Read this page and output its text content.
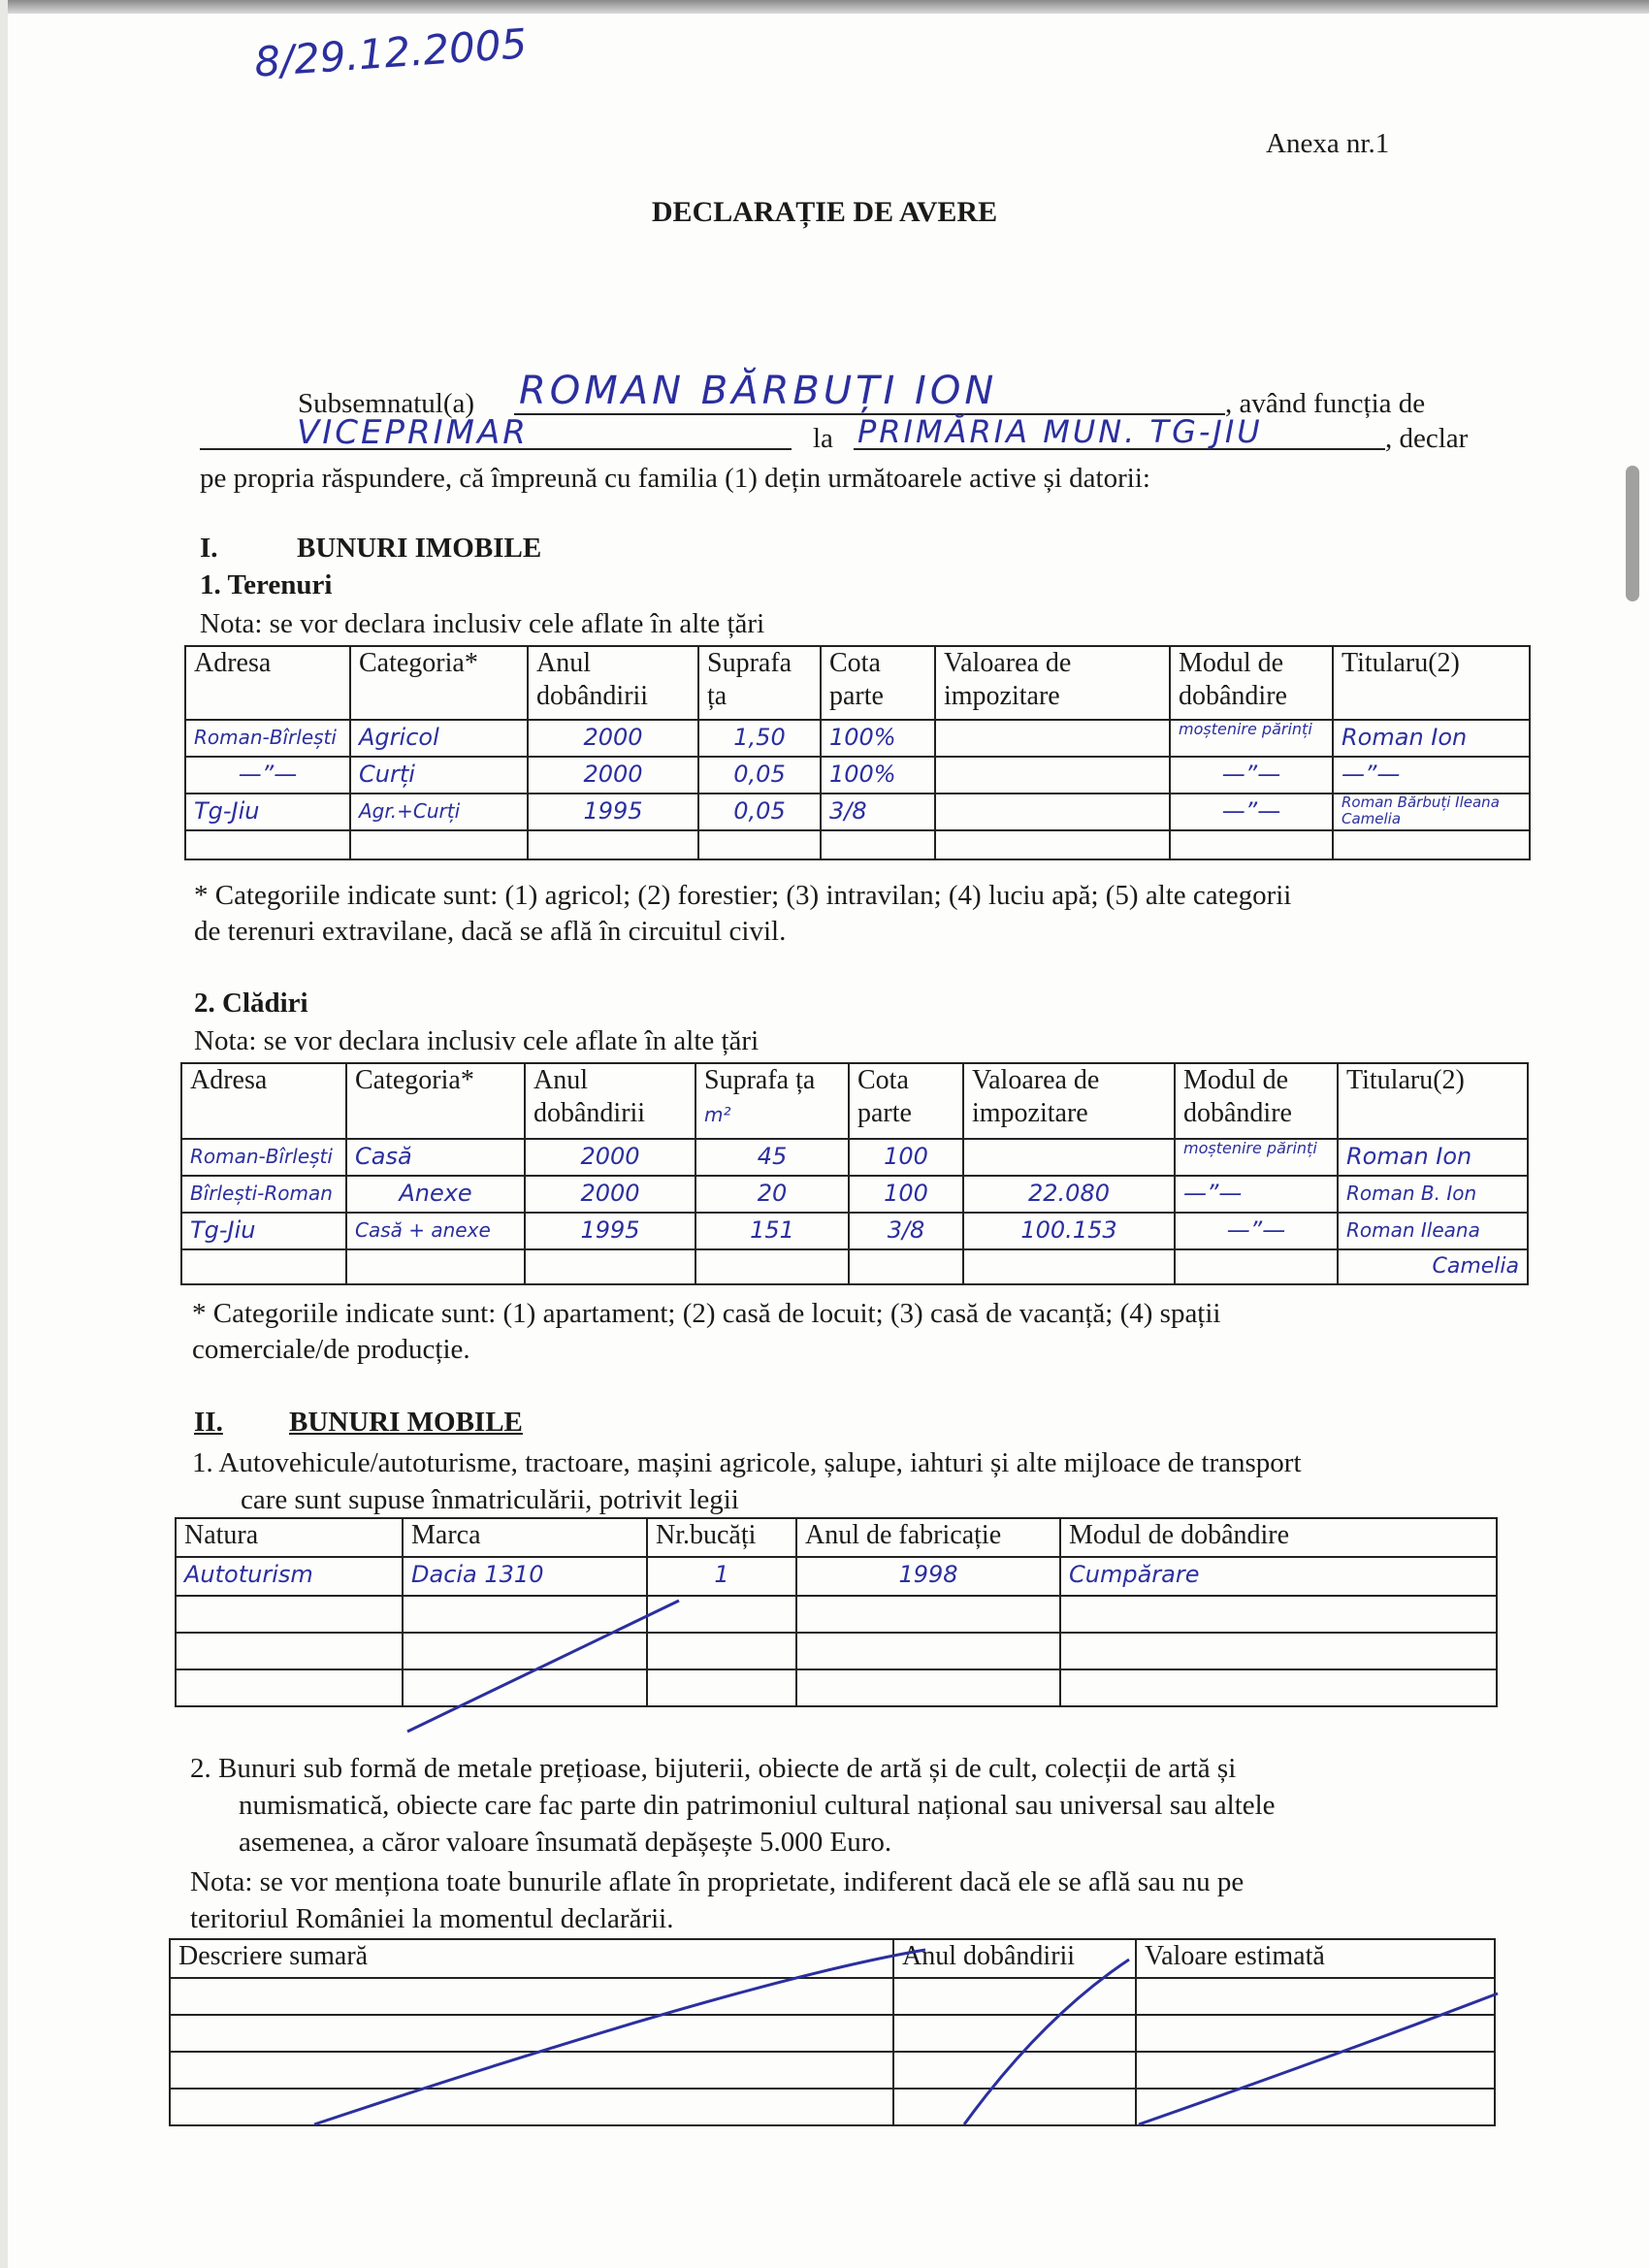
8/29.12.2005
Anexa nr.1
DECLARAȚIE DE AVERE
Subsemnatul(a) ROMAN BĂRBUȚI ION	, având funcția de
VICEPRIMAR	la PRIMĂRIA MUN. TG-JIU	, declar
pe propria răspundere, că împreună cu familia (1) dețin următoarele active și datorii:
I.	BUNURI IMOBILE
1. Terenuri
Nota: se vor declara inclusiv cele aflate în alte țări
Adresa	Categoria*	Anul dobândirii	Suprafa ța	Cota parte	Valoarea de impozitare	Modul de dobândire	Titularu(2)
Roman-Bîrlești	Agricol	2000	1,50	100%		moștenire părinți	Roman Ion
—”—	Curți	2000	0,05	100%		—”—	—”—
Tg-Jiu	Agr.+Curți	1995	0,05	3/8		—”—	Roman Bărbuți Ileana Camelia

* Categoriile indicate sunt: (1) agricol; (2) forestier; (3) intravilan; (4) luciu apă; (5) alte categorii
de terenuri extravilane, dacă se află în circuitul civil.
2. Clădiri
Nota: se vor declara inclusiv cele aflate în alte țări
Adresa	Categoria*	Anul dobândirii	Suprafa ța m²	Cota parte	Valoarea de impozitare	Modul de dobândire	Titularu(2)
Roman-Bîrlești	Casă	2000	45	100		moștenire părinți	Roman Ion
Bîrlești-Roman	Anexe	2000	20	100	22.080	—”—	Roman B. Ion
Tg-Jiu	Casă + anexe	1995	151	3/8	100.153	—”—	Roman Ileana
							Camelia
* Categoriile indicate sunt: (1) apartament; (2) casă de locuit; (3) casă de vacanță; (4) spații
comerciale/de producție.
II. BUNURI MOBILE
1. Autovehicule/autoturisme, tractoare, mașini agricole, șalupe, iahturi și alte mijloace de transport
care sunt supuse înmatriculării, potrivit legii
Natura	Marca	Nr.bucăți	Anul de fabricație	Modul de dobândire
Autoturism	Dacia 1310	1	1998	Cumpărare

2. Bunuri sub formă de metale prețioase, bijuterii, obiecte de artă și de cult, colecții de artă și
numismatică, obiecte care fac parte din patrimoniul cultural național sau universal sau altele
asemenea, a căror valoare însumată depășește 5.000 Euro.
Nota: se vor menționa toate bunurile aflate în proprietate, indiferent dacă ele se află sau nu pe
teritoriul României la momentul declarării.
Descriere sumară	Anul dobândirii	Valoare estimată
